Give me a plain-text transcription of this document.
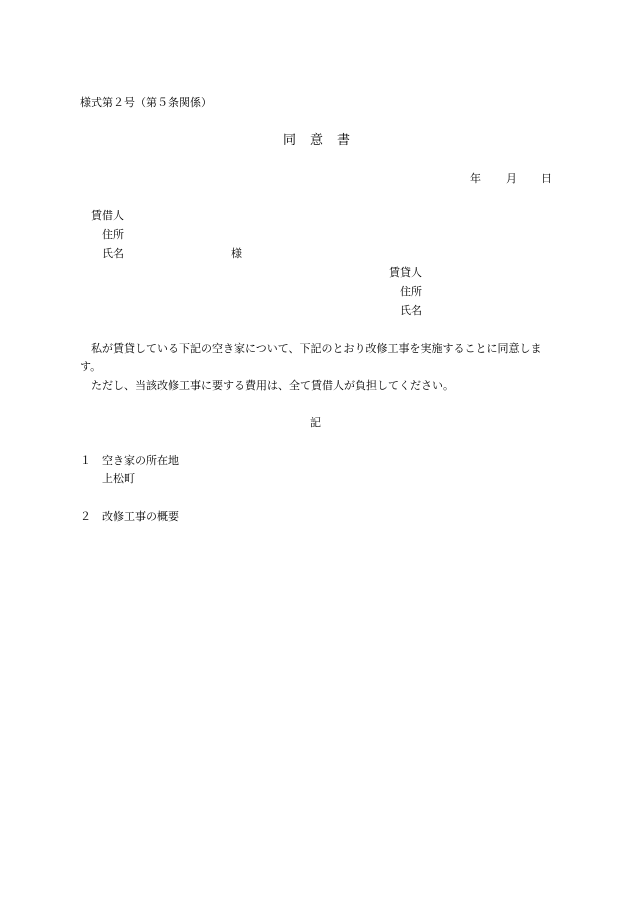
様式第２号（第５条関係）

同意書

年 月 日

賃借人

住所

氏名	様

賃貸人

住所

氏名

私が賃貸している下記の空き家について、下記のとおり改修工事を実施することに同意します。

ただし、当該改修工事に要する費用は、全て賃借人が負担してください。

記

１ 空き家の所在地

上松町

２ 改修工事の概要
